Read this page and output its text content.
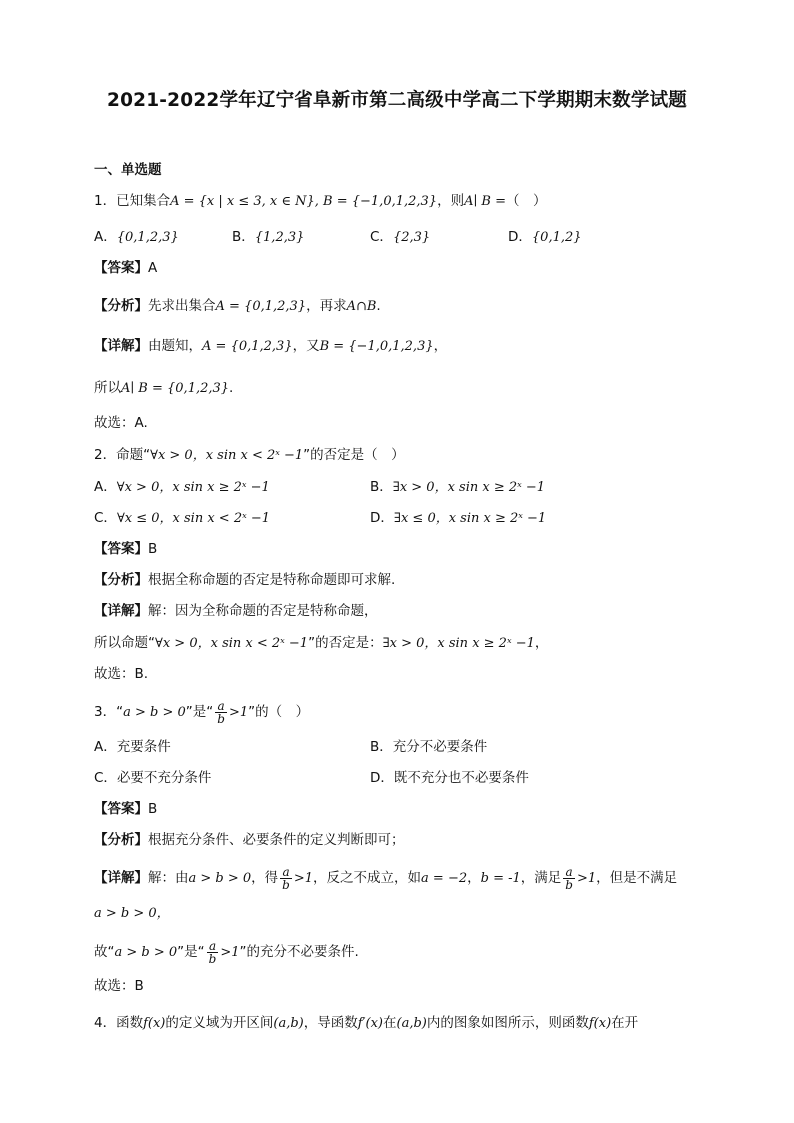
2021-2022学年辽宁省阜新市第二高级中学高二下学期期末数学试题
一、单选题
1．已知集合A = {x | x ≤ 3, x ∈ N}, B = {−1,0,1,2,3}，则A∣ B =（　）
A．{0,1,2,3}	B．{1,2,3}	C．{2,3}	D．{0,1,2}
【答案】A
【分析】先求出集合A = {0,1,2,3}，再求A∩B.
【详解】由题知，A = {0,1,2,3}，又B = {−1,0,1,2,3}，
所以A∣ B = {0,1,2,3}.
故选：A.
2．命题“∀x > 0，x sin x < 2ˣ −1”的否定是（　）
A．∀x > 0，x sin x ≥ 2ˣ −1	B．∃x > 0，x sin x ≥ 2ˣ −1
C．∀x ≤ 0，x sin x < 2ˣ −1	D．∃x ≤ 0，x sin x ≥ 2ˣ −1
【答案】B
【分析】根据全称命题的否定是特称命题即可求解.
【详解】解：因为全称命题的否定是特称命题，
所以命题“∀x > 0，x sin x < 2ˣ −1”的否定是：∃x > 0，x sin x ≥ 2ˣ −1，
故选：B.
3．“a > b > 0”是“ $\frac{a}{b} >1$”的（　）
A．充要条件	B．充分不必要条件
C．必要不充分条件	D．既不充分也不必要条件
【答案】B
【分析】根据充分条件、必要条件的定义判断即可；
【详解】解：由a > b > 0，得 $\frac{a}{b} >1$，反之不成立，如a = −2，b = -1，满足 $\frac{a}{b} >1$，但是不满足
a > b > 0，
故“a > b > 0”是“ $\frac{a}{b} >1$”的充分不必要条件.
故选：B
4．函数f(x)的定义域为开区间(a,b)，导函数f′(x)在(a,b)内的图象如图所示，则函数f(x)在开
